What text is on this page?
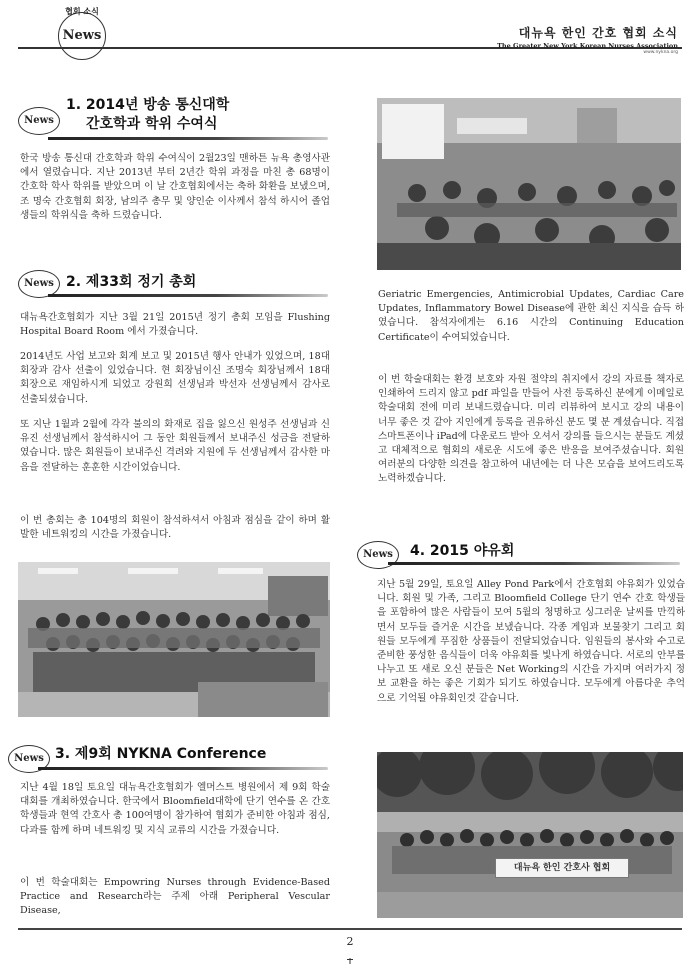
협회 소식
News	대뉴욕 한인 간호 협회 소식
The Greater New York Korean Nurses Association
www.nyknа.org
News
1. 2014년 방송 통신대학
간호학과 학위 수여식

한국 방송 통신대 간호학과 학위 수여식이 2월23일 맨하튼 뉴욕 총영사관에서 열렸습니다. 지난 2013년 부터 2년간 학위 과정을 마친 총 68명이 간호학 학사 학위를 받았으며 이 날 간호협회에서는 축하 화환을 보냈으며, 조 명숙 간호협회 회장, 남의주 총무 및 양인순 이사께서 참석 하시어 졸업생들의 학위식을 축하 드렸습니다.

News 2. 제33회 정기 총회

대뉴욕간호협회가 지난 3월 21일 2015년 정기 총회 모임을 Flushing Hospital Board Room 에서 가졌습니다.

2014년도 사업 보고와 회계 보고 및 2015년 행사 안내가 있었으며, 18대 회장과 감사 선출이 있었습니다. 현 회장님이신 조명숙 회장님께서 18대 회장으로 재임하시게 되었고 강원희 선생님과 박선자 선생님께서 감사로 선출되셨습니다.

또 지난 1월과 2월에 각각 불의의 화재로 집을 잃으신 원성주 선생님과 신유진 선생님께서 참석하시어 그 동안 회원들께서 보내주신 성금을 전달하였습니다. 많은 회원들이 보내주신 격려와 지원에 두 선생님께서 감사한 마음을 전달하는 훈훈한 시간이었습니다.

이 번 총회는 총 104명의 회원이 참석하셔서 아침과 점심을 같이 하며 활발한 네트워킹의 시간을 가졌습니다.

News 3. 제9회 NYKNA Conference

지난 4월 18일 토요일 대뉴욕간호협회가 엘머스트 병원에서 제 9회 학술대회를 개최하였습니다. 한국에서 Bloomfield대학에 단기 연수를 온 간호 학생들과 현역 간호사 총 100여명이 참가하여 협회가 준비한 아침과 점심, 다과를 함께 하며 네트워킹 및 지식 교류의 시간을 가졌습니다.

이 번 학술대회는 Empowring Nurses through Evidence-Based Practice and Research라는 주제 아래 Peripheral Vescular Disease,

Geriatric Emergencies, Antimicrobial Updates, Cardiac Care Updates, Inflammatory Bowel Disease에 관한 최신 지식을 습득 하였습니다. 참석자에게는 6.16 시간의 Continuing Education Certificate이 수여되었습니다.

이 번 학술대회는 환경 보호와 자원 절약의 취지에서 강의 자료를 책자로 인쇄하여 드리지 않고 pdf 파일을 만들어 사전 등록하신 분에게 이메일로 학술대회 전에 미리 보내드렸습니다. 미리 리뷰하여 보시고 강의 내용이 너무 좋은 것 같아 지인에게 등록을 권유하신 분도 몇 분 계셨습니다. 직접 스마트폰이나 iPad에 다운로드 받아 오셔서 강의를 들으시는 분들도 계셨고 대체적으로 협회의 새로운 시도에 좋은 반응을 보여주셨습니다. 회원 여러분의 다양한 의견을 참고하여 내년에는 더 나은 모습을 보여드리도록 노력하겠습니다.

News	4. 2015 야유회

지난 5월 29일, 토요일 Alley Pond Park에서 간호협회 야유회가 있었습니다. 회원 및 가족, 그리고 Bloomfield College 단기 연수 간호 학생들을 포함하여 많은 사람들이 모여 5월의 청명하고 싱그러운 날씨를 만끽하면서 모두들 즐거운 시간을 보냈습니다. 각종 게임과 보물찾기 그리고 회원들 모두에게 푸짐한 상품들이 전달되었습니다. 임원들의 봉사와 수고로 준비한 풍성한 음식들이 더욱 야유회를 빛나게 하였습니다. 서로의 안부를 나누고 또 새로 오신 분들은 Net Working의 시간을 가지며 여러가지 정보 교환을 하는 좋은 기회가 되기도 하였습니다. 모두에게 아름다운 추억으로 기억될 야유회인것 같습니다.

대뉴욕 한인 간호사 협회
2
